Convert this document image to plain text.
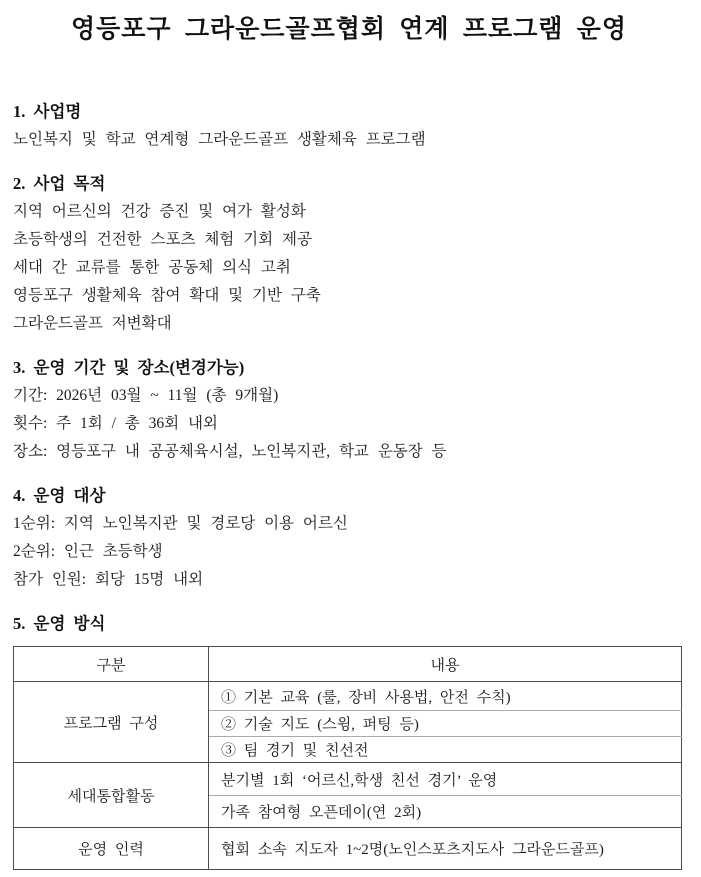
영등포구 그라운드골프협회 연계 프로그램 운영
1. 사업명

노인복지 및 학교 연계형 그라운드골프 생활체육 프로그램

2. 사업 목적

지역 어르신의 건강 증진 및 여가 활성화

초등학생의 건전한 스포츠 체험 기회 제공

세대 간 교류를 통한 공동체 의식 고취

영등포구 생활체육 참여 확대 및 기반 구축

그라운드골프 저변확대

3. 운영 기간 및 장소(변경가능)

기간: 2026년 03월 ~ 11월 (총 9개월)

횟수: 주 1회 / 총 36회 내외

장소: 영등포구 내 공공체육시설, 노인복지관, 학교 운동장 등

4. 운영 대상

1순위: 지역 노인복지관 및 경로당 이용 어르신

2순위: 인근 초등학생

참가 인원: 회당 15명 내외

5. 운영 방식
구분	내용
프로그램 구성	① 기본 교육 (룰, 장비 사용법, 안전 수칙)
	② 기술 지도 (스윙, 퍼팅 등)
	③ 팀 경기 및 친선전
세대통합활동	분기별 1회 ‘어르신,학생 친선 경기’ 운영
	가족 참여형 오픈데이(연 2회)
운영 인력	협회 소속 지도자 1~2명(노인스포츠지도사 그라운드골프)
